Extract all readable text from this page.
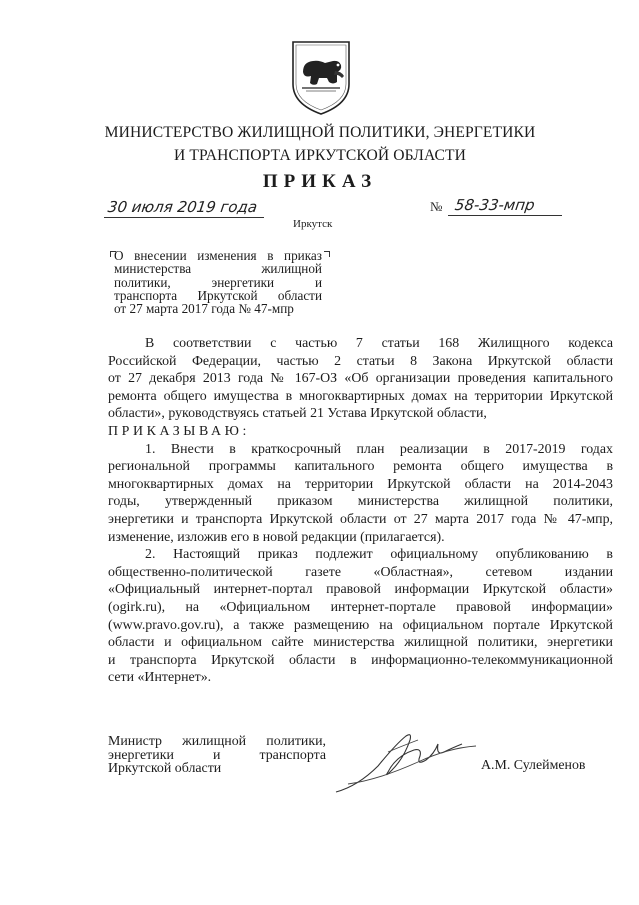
МИНИСТЕРСТВО ЖИЛИЩНОЙ ПОЛИТИКИ, ЭНЕРГЕТИКИ
И ТРАНСПОРТА ИРКУТСКОЙ ОБЛАСТИ
ПРИКАЗ
30 июля 2019 года	№ 58-33-мпр
Иркутск
О внесении изменения в приказ
министерства жилищной
политики, энергетики и
транспорта Иркутской области
от 27 марта 2017 года № 47-мпр
В соответствии с частью 7 статьи 168 Жилищного кодекса
Российской Федерации, частью 2 статьи 8 Закона Иркутской области
от 27 декабря 2013 года № 167-ОЗ «Об организации проведения капитального
ремонта общего имущества в многоквартирных домах на территории Иркутской
области», руководствуясь статьей 21 Устава Иркутской области,
ПРИКАЗЫВАЮ:
1. Внести в краткосрочный план реализации в 2017-2019 годах
региональной программы капитального ремонта общего имущества в
многоквартирных домах на территории Иркутской области на 2014-2043
годы, утвержденный приказом министерства жилищной политики,
энергетики и транспорта Иркутской области от 27 марта 2017 года № 47-мпр,
изменение, изложив его в новой редакции (прилагается).
2. Настоящий приказ подлежит официальному опубликованию в
общественно-политической газете «Областная», сетевом издании
«Официальный интернет-портал правовой информации Иркутской области»
(ogirk.ru), на «Официальном интернет-портале правовой информации»
(www.pravo.gov.ru), а также размещению на официальном портале Иркутской
области и официальном сайте министерства жилищной политики, энергетики
и транспорта Иркутской области в информационно-телекоммуникационной
сети «Интернет».
Министр жилищной политики,
энергетики и транспорта
Иркутской области	А.М. Сулейменов
